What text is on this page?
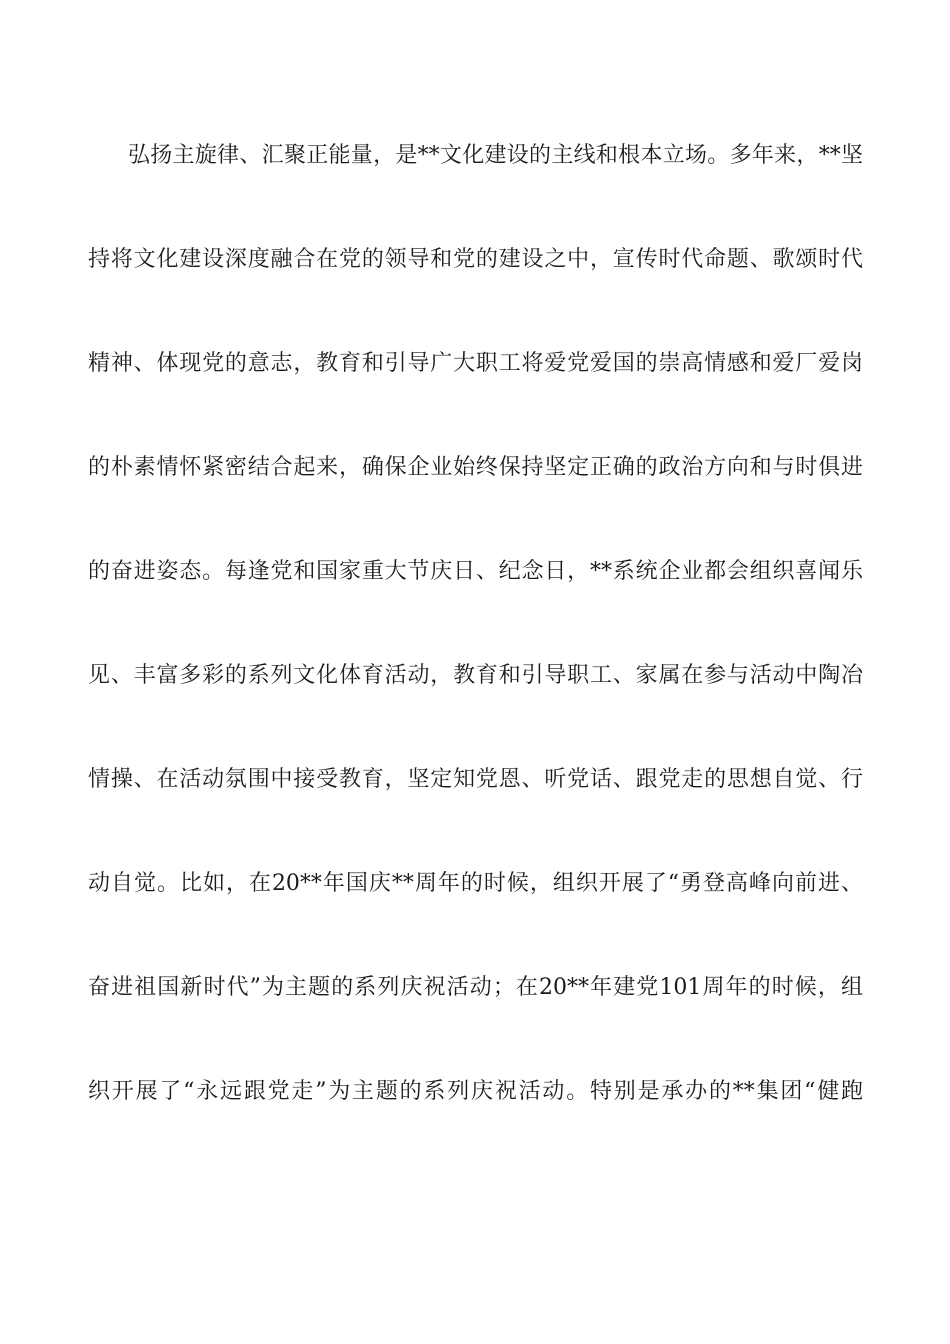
弘扬主旋律、汇聚正能量，是**文化建设的主线和根本立场。多年来，**坚
持将文化建设深度融合在党的领导和党的建设之中，宣传时代命题、歌颂时代
精神、体现党的意志，教育和引导广大职工将爱党爱国的崇高情感和爱厂爱岗
的朴素情怀紧密结合起来，确保企业始终保持坚定正确的政治方向和与时俱进
的奋进姿态。每逢党和国家重大节庆日、纪念日，**系统企业都会组织喜闻乐
见、丰富多彩的系列文化体育活动，教育和引导职工、家属在参与活动中陶冶
情操、在活动氛围中接受教育，坚定知党恩、听党话、跟党走的思想自觉、行
动自觉。比如，在20**年国庆**周年的时候，组织开展了“勇登高峰向前进、
奋进祖国新时代”为主题的系列庆祝活动；在20**年建党101周年的时候，组
织开展了“永远跟党走”为主题的系列庆祝活动。特别是承办的**集团“健跑
